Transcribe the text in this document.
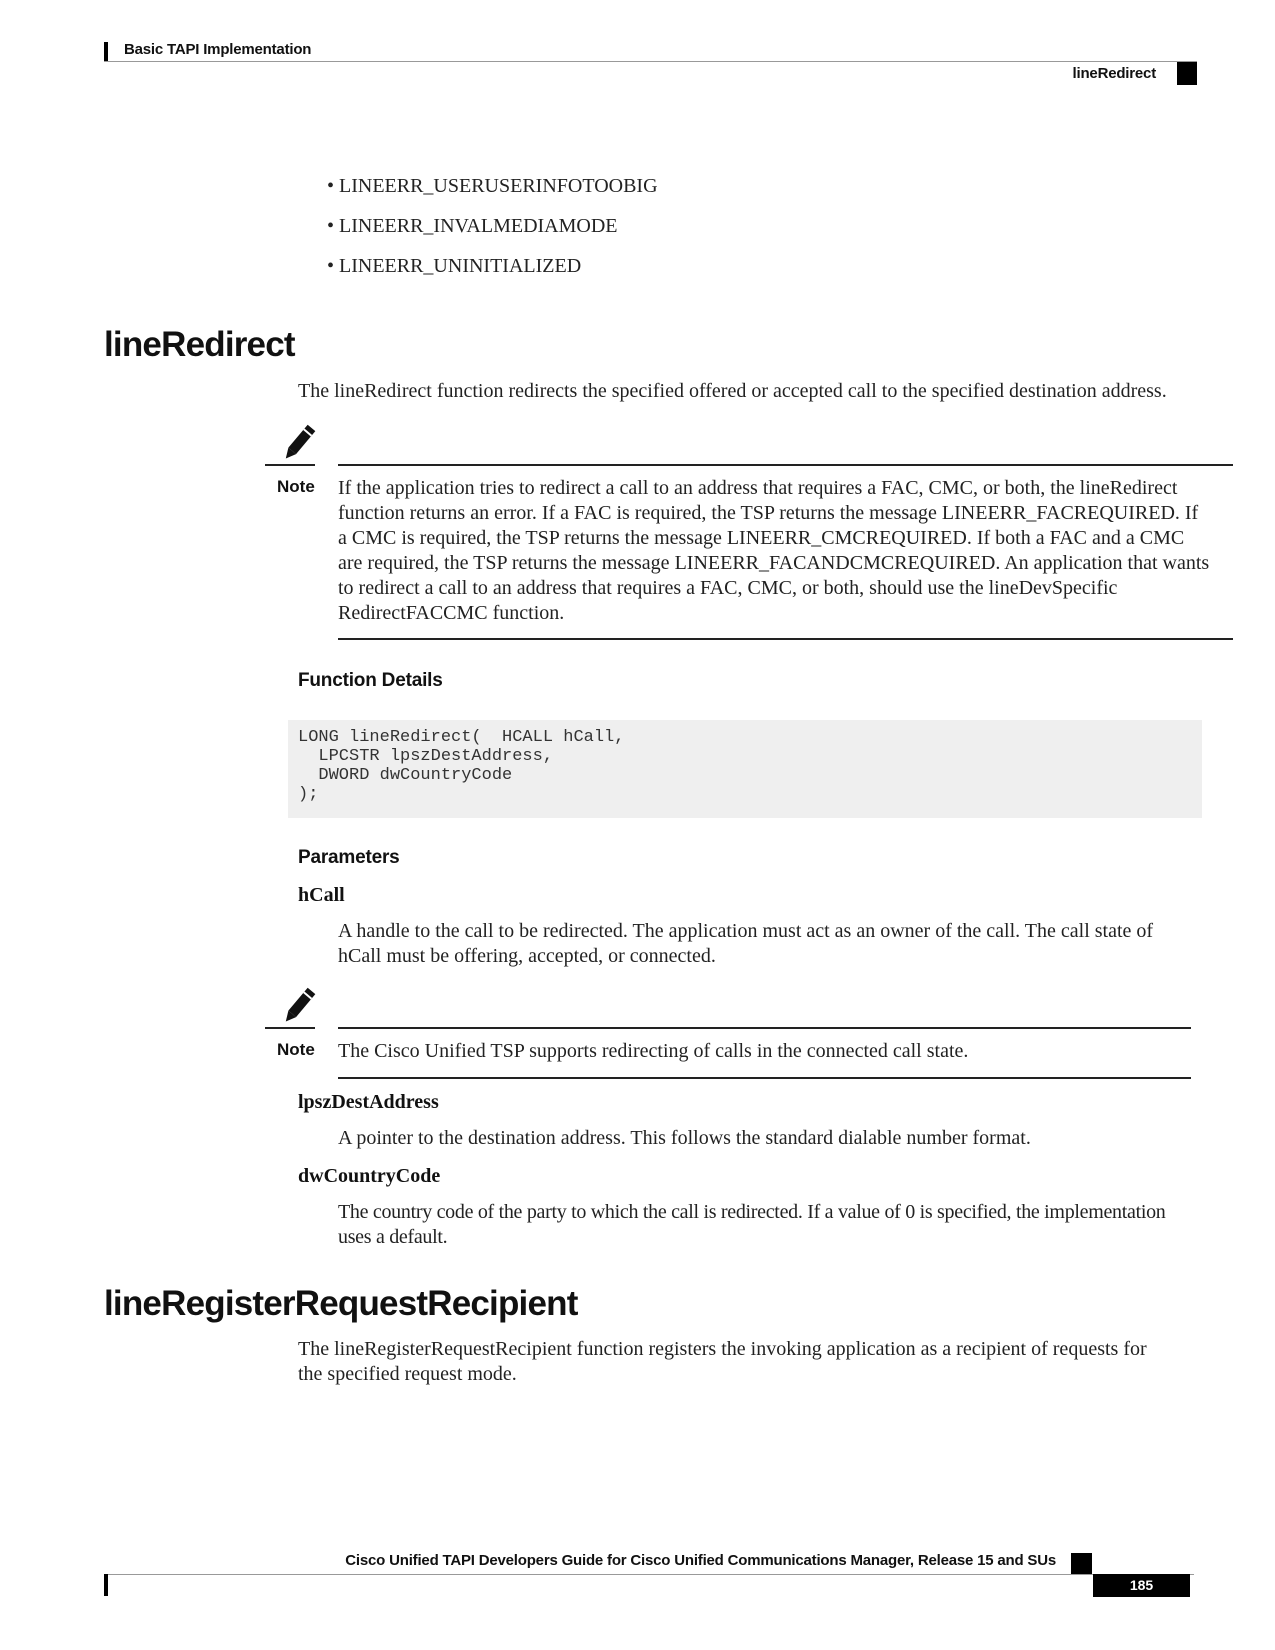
Basic TAPI Implementation
lineRedirect
• LINEERR_USERUSERINFOTOOBIG
• LINEERR_INVALMEDIAMODE
• LINEERR_UNINITIALIZED
lineRedirect
The lineRedirect function redirects the specified offered or accepted call to the specified destination address.
Note If the application tries to redirect a call to an address that requires a FAC, CMC, or both, the lineRedirect
function returns an error. If a FAC is required, the TSP returns the message LINEERR_FACREQUIRED. If
a CMC is required, the TSP returns the message LINEERR_CMCREQUIRED. If both a FAC and a CMC
are required, the TSP returns the message LINEERR_FACANDCMCREQUIRED. An application that wants
to redirect a call to an address that requires a FAC, CMC, or both, should use the lineDevSpecific
RedirectFACCMC function.
Function Details
LONG lineRedirect(  HCALL hCall,
LPCSTR lpszDestAddress,
DWORD dwCountryCode
);
Parameters
hCall
A handle to the call to be redirected. The application must act as an owner of the call. The call state of
hCall must be offering, accepted, or connected.
Note The Cisco Unified TSP supports redirecting of calls in the connected call state.
lpszDestAddress
A pointer to the destination address. This follows the standard dialable number format.
dwCountryCode
The country code of the party to which the call is redirected. If a value of 0 is specified, the implementation
uses a default.
lineRegisterRequestRecipient
The lineRegisterRequestRecipient function registers the invoking application as a recipient of requests for
the specified request mode.
Cisco Unified TAPI Developers Guide for Cisco Unified Communications Manager, Release 15 and SUs
185
